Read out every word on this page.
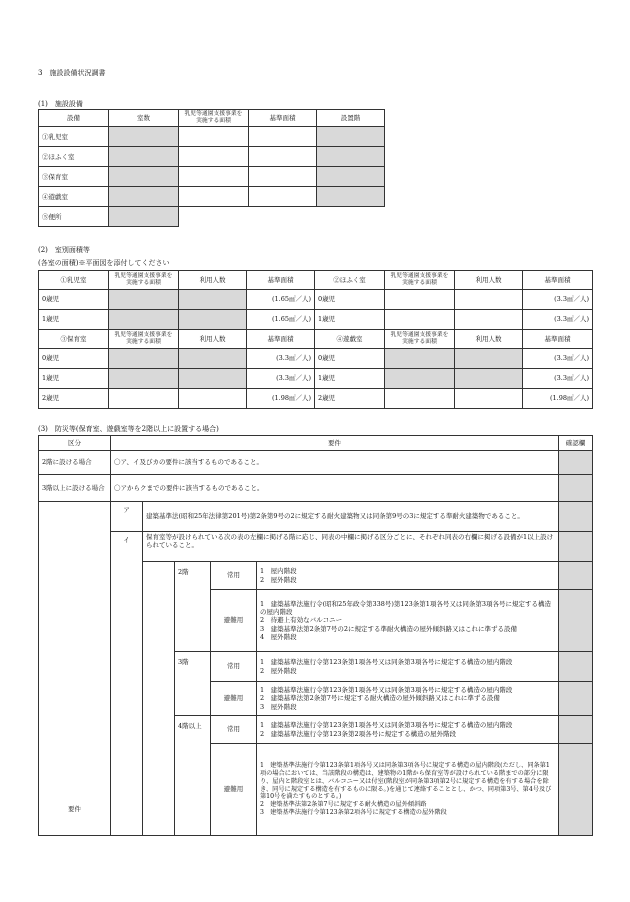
3　施設設備状況調書
(1)　施設設備
設備	室数	乳児等通園支援事業を実施する面積	基準面積	設置階
①乳児室				
②ほふく室				
③保育室				
④遊戯室				
⑤便所				
(2)　室別面積等
(各室の面積)※平面図を添付してください
①乳児室	乳児等通園支援事業を実施する面積	利用人数	基準面積	②ほふく室	乳児等通園支援事業を実施する面積	利用人数	基準面積
0歳児			(1.65㎡／人)	0歳児			(3.3㎡／人)
1歳児			(1.65㎡／人)	1歳児			(3.3㎡／人)
③保育室	乳児等通園支援事業を実施する面積	利用人数	基準面積	④遊戯室	乳児等通園支援事業を実施する面積	利用人数	基準面積
0歳児			(3.3㎡／人)	0歳児			(3.3㎡／人)
1歳児			(3.3㎡／人)	1歳児			(3.3㎡／人)
2歳児			(1.98㎡／人)	2歳児			(1.98㎡／人)
(3)　防災等(保育室、遊戯室等を2階以上に設置する場合)
区分	要件					確認欄
2階に設ける場合	〇ア、イ及びカの要件に該当するものであること。					
3階以上に設ける場合	〇アからクまでの要件に該当するものであること。					
要件	ア	建築基準法(昭和25年法律第201号)第2条第9号の2に規定する耐火建築物又は同条第9号の3に規定する準耐火建築物であること。				
	イ	保育室等が設けられている次の表の左欄に掲げる階に応じ、同表の中欄に掲げる区分ごとに、それぞれ同表の右欄に掲げる設備が1以上設けられていること。				
			2階	常用	1　屋内階段
2　屋外階段	

				避難用	1　建築基準法施行令(昭和25年政令第338号)第123条第1項各号又は同条第3項各号に規定する構造の屋内階段
2　待避上有効なバルコニー
3　建築基準法第2条第7号の2に規定する準耐火構造の屋外傾斜路又はこれに準ずる設備
4　屋外階段	

			3階	常用	1　建築基準法施行令第123条第1項各号又は同条第3項各号に規定する構造の屋内階段
2　屋外階段	

				避難用	1　建築基準法施行令第123条第1項各号又は同条第3項各号に規定する構造の屋内階段
2　建築基準法第2条第7号に規定する耐火構造の屋外傾斜路又はこれに準ずる設備
3　屋外階段	

			4階以上	常用	1　建築基準法施行令第123条第1項各号又は同条第3項各号に規定する構造の屋内階段
2　建築基準法施行令第123条第2項各号に規定する構造の屋外階段	

				避難用	1　建築基準法施行令第123条第1項各号又は同条第3項各号に規定する構造の屋内階段(ただし、同条第1項の場合においては、当該階段の構造は、建築物の1階から保育室等が設けられている階までの部分に限り、屋内と階段室とは、バルコニー又は付室(階段室が同条第3項第2号に規定する構造を有する場合を除き、同号に規定する構造を有するものに限る。)を通じて連絡することとし、かつ、同項第3号、第4号及び第10号を満たすものとする。)
2　建築基準法第2条第7号に規定する耐火構造の屋外傾斜路
3　建築基準法施行令第123条第2項各号に規定する構造の屋外階段	
